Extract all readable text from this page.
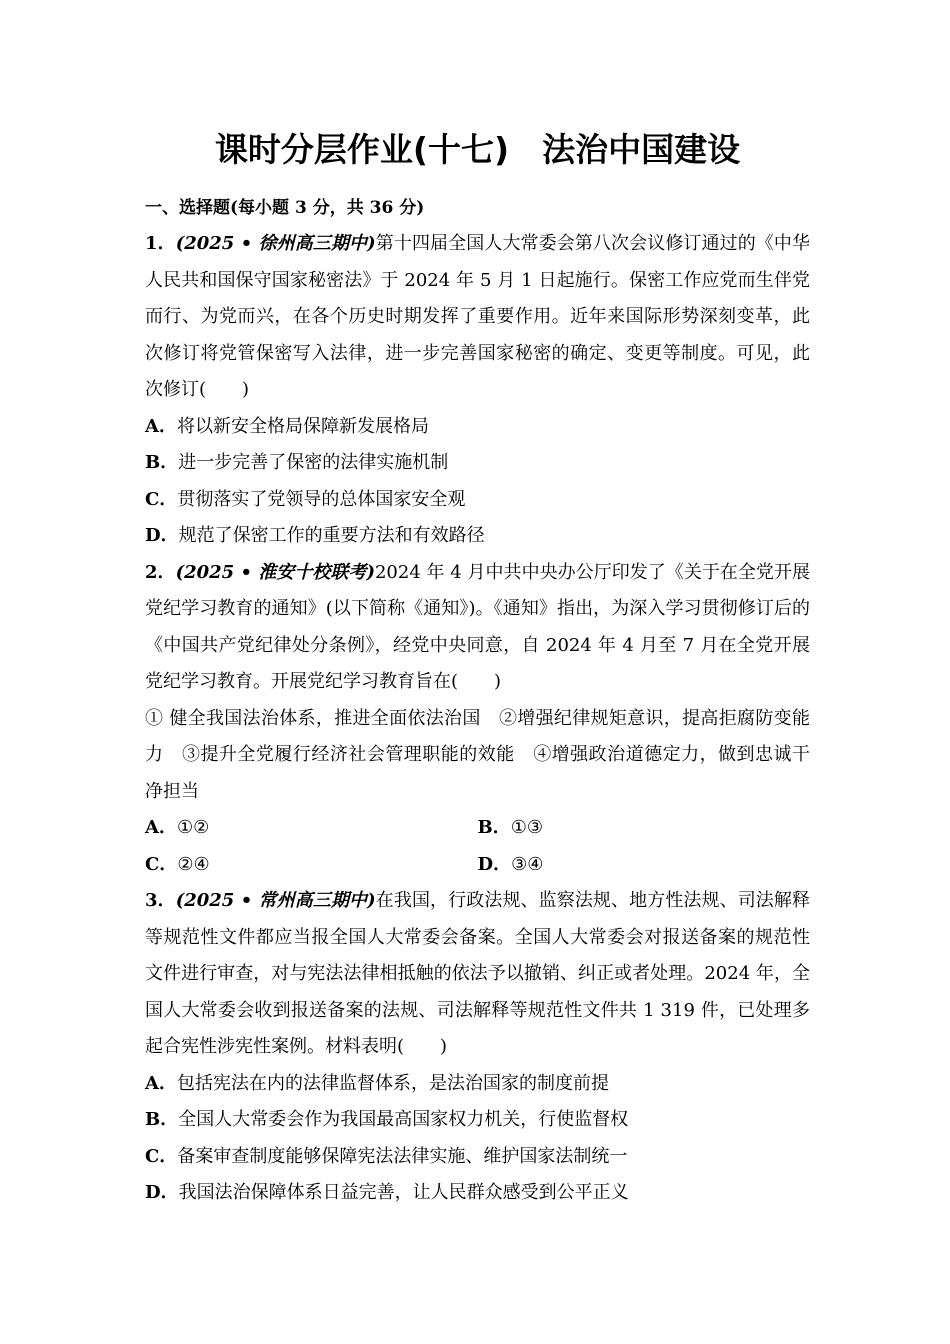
课时分层作业(十七)　法治中国建设
一、选择题(每小题 3 分，共 36 分)
1．(2025 • 徐州高三期中)第十四届全国人大常委会第八次会议修订通过的《中华人民共和国保守国家秘密法》于 2024 年 5 月 1 日起施行。保密工作应党而生伴党而行、为党而兴，在各个历史时期发挥了重要作用。近年来国际形势深刻变革，此次修订将党管保密写入法律，进一步完善国家秘密的确定、变更等制度。可见，此次修订(　　)
A．将以新安全格局保障新发展格局
B．进一步完善了保密的法律实施机制
C．贯彻落实了党领导的总体国家安全观
D．规范了保密工作的重要方法和有效路径
2．(2025 • 淮安十校联考)2024 年 4 月中共中央办公厅印发了《关于在全党开展党纪学习教育的通知》(以下简称《通知》)。《通知》指出，为深入学习贯彻修订后的《中国共产党纪律处分条例》，经党中央同意，自 2024 年 4 月至 7 月在全党开展党纪学习教育。开展党纪学习教育旨在(　　)
① 健全我国法治体系，推进全面依法治国　②增强纪律规矩意识，提高拒腐防变能力　③提升全党履行经济社会管理职能的效能　④增强政治道德定力，做到忠诚干净担当
A．①②	B．①③
C．②④	D．③④
3．(2025 • 常州高三期中)在我国，行政法规、监察法规、地方性法规、司法解释等规范性文件都应当报全国人大常委会备案。全国人大常委会对报送备案的规范性文件进行审查，对与宪法法律相抵触的依法予以撤销、纠正或者处理。2024 年，全国人大常委会收到报送备案的法规、司法解释等规范性文件共 1 319 件，已处理多起合宪性涉宪性案例。材料表明(　　)
A．包括宪法在内的法律监督体系，是法治国家的制度前提
B．全国人大常委会作为我国最高国家权力机关，行使监督权
C．备案审查制度能够保障宪法法律实施、维护国家法制统一
D．我国法治保障体系日益完善，让人民群众感受到公平正义
